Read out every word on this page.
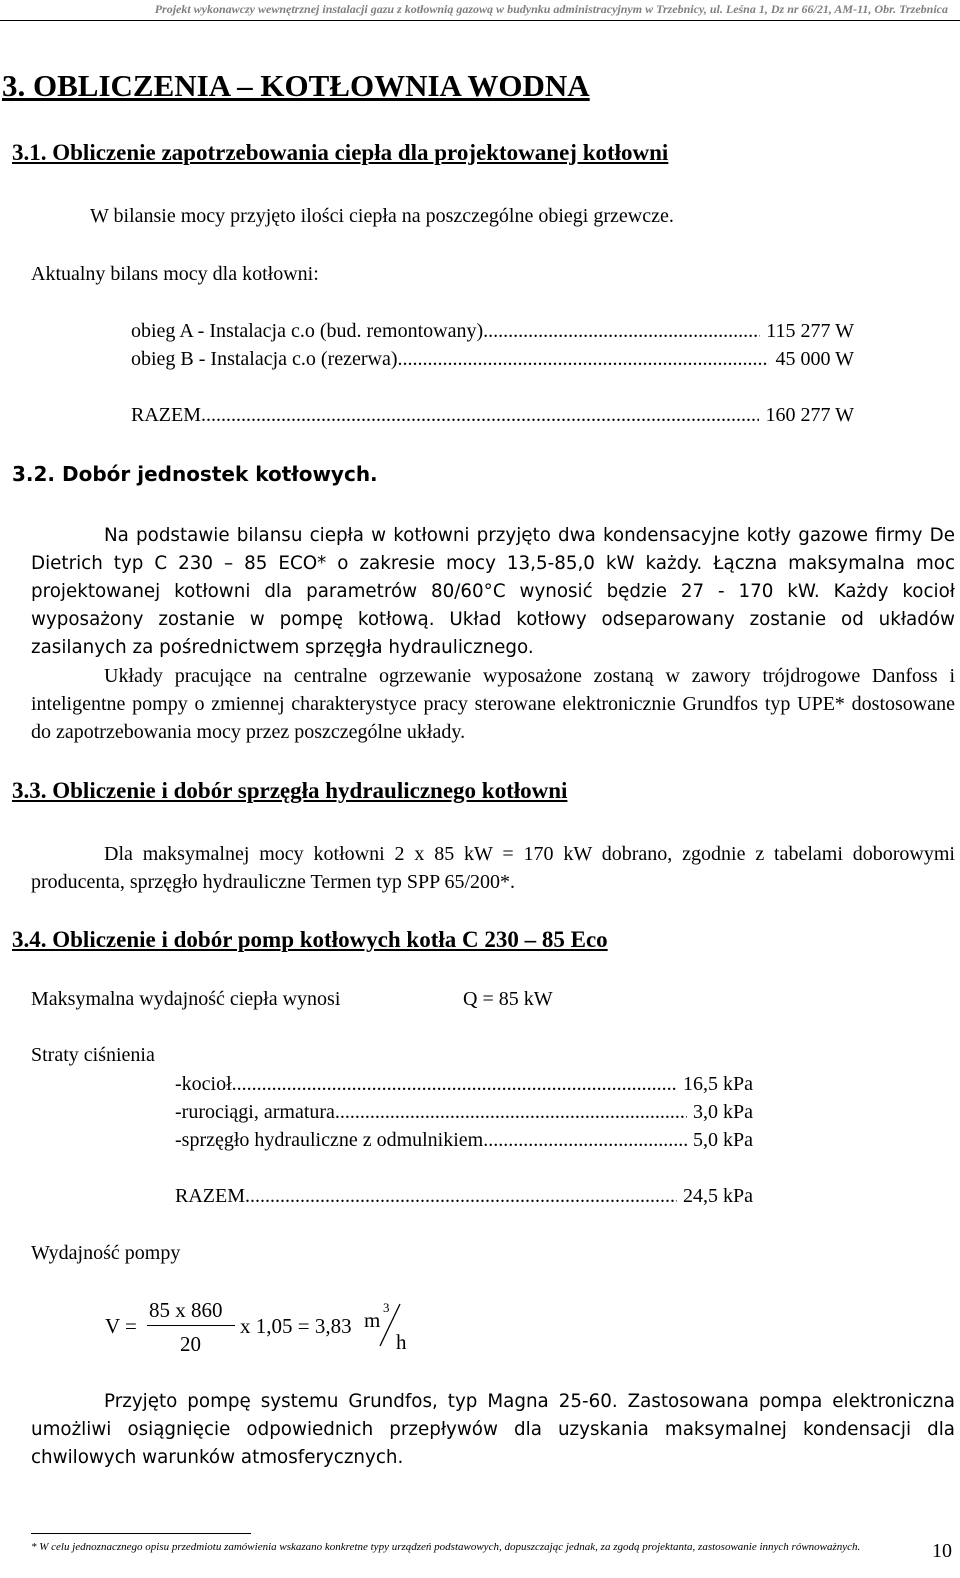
Projekt wykonawczy wewnętrznej instalacji gazu z kotłownią gazową w budynku administracyjnym w Trzebnicy, ul. Leśna 1, Dz nr 66/21, AM-11, Obr. Trzebnica
3. OBLICZENIA – KOTŁOWNIA WODNA
3.1. Obliczenie zapotrzebowania ciepła dla projektowanej kotłowni
W bilansie mocy przyjęto ilości ciepła na poszczególne obiegi grzewcze.
Aktualny bilans mocy dla kotłowni:
obieg A - Instalacja c.o (bud. remontowany). .....	115 277 W
obieg B - Instalacja c.o (rezerwa). .....	45 000 W
RAZEM .....	160 277 W
3.2. Dobór jednostek kotłowych.
Na podstawie bilansu ciepła w kotłowni przyjęto dwa kondensacyjne kotły gazowe firmy De Dietrich typ C 230 – 85 ECO* o zakresie mocy 13,5-85,0 kW każdy. Łączna maksymalna moc projektowanej kotłowni dla parametrów 80/60°C wynosić będzie 27 - 170 kW. Każdy kocioł wyposażony zostanie w pompę kotłową. Układ kotłowy odseparowany zostanie od układów zasilanych za pośrednictwem sprzęgła hydraulicznego.
Układy pracujące na centralne ogrzewanie wyposażone zostaną w zawory trójdrogowe Danfoss i inteligentne pompy o zmiennej charakterystyce pracy sterowane elektronicznie Grundfos typ UPE* dostosowane do zapotrzebowania mocy przez poszczególne układy.
3.3. Obliczenie i dobór sprzęgła hydraulicznego kotłowni
Dla maksymalnej mocy kotłowni 2 x 85 kW = 170 kW dobrano, zgodnie z tabelami doborowymi producenta, sprzęgło hydrauliczne Termen typ SPP 65/200*.
3.4. Obliczenie i dobór pomp kotłowych kotła C 230 – 85 Eco
Maksymalna wydajność ciepła wynosi	Q = 85 kW
Straty ciśnienia
-kocioł .....	16,5 kPa
-rurociągi, armatura .....	3,0 kPa
-sprzęgło hydrauliczne z odmulnikiem .....	5,0 kPa
RAZEM .....	24,5 kPa
Wydajność pompy
V =
85 x 860
20
x 1,05 = 3,83 m
3
h
Przyjęto pompę systemu Grundfos, typ Magna 25-60. Zastosowana pompa elektroniczna umożliwi osiągnięcie odpowiednich przepływów dla uzyskania maksymalnej kondensacji dla chwilowych warunków atmosferycznych.
* W celu jednoznacznego opisu przedmiotu zamówienia wskazano konkretne typy urządzeń podstawowych, dopuszczając jednak, za zgodą projektanta, zastosowanie innych równoważnych.	10
